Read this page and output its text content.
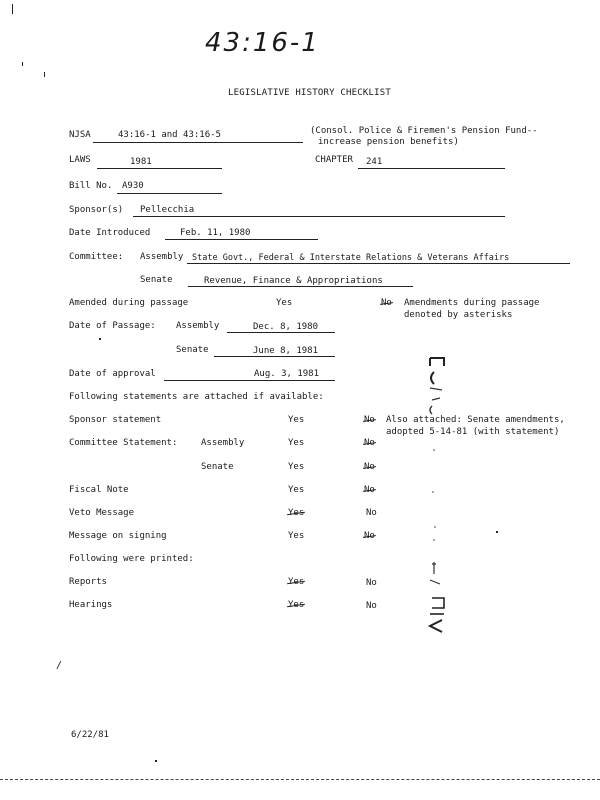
43:16-1
LEGISLATIVE HISTORY CHECKLIST
NJSA	43:16-1 and 43:16-5	(Consol. Police & Firemen's Pension Fund--
increase pension benefits)
LAWS	1981	CHAPTER 241
Bill No. A930
Sponsor(s) Pellecchia
Date Introduced	Feb. 11, 1980
Committee: Assembly State Govt., Federal & Interstate Relations & Veterans Affairs
Senate	Revenue, Finance & Appropriations
Amended during passage	Yes	No Amendments during passage
denoted by asterisks
Date of Passage: Assembly	Dec. 8, 1980
Senate	June 8, 1981
Date of approval	Aug. 3, 1981
Following statements are attached if available:
Sponsor statement	Yes	No Also attached: Senate amendments,
adopted 5-14-81 (with statement)
Committee Statement:	Assembly	Yes	No
Senate	Yes	No
Fiscal Note	Yes	No
Veto Message	Yes	No
Message on signing	Yes	No
Following were printed:
Reports	Yes	No
Hearings	Yes	No
/
6/22/81
